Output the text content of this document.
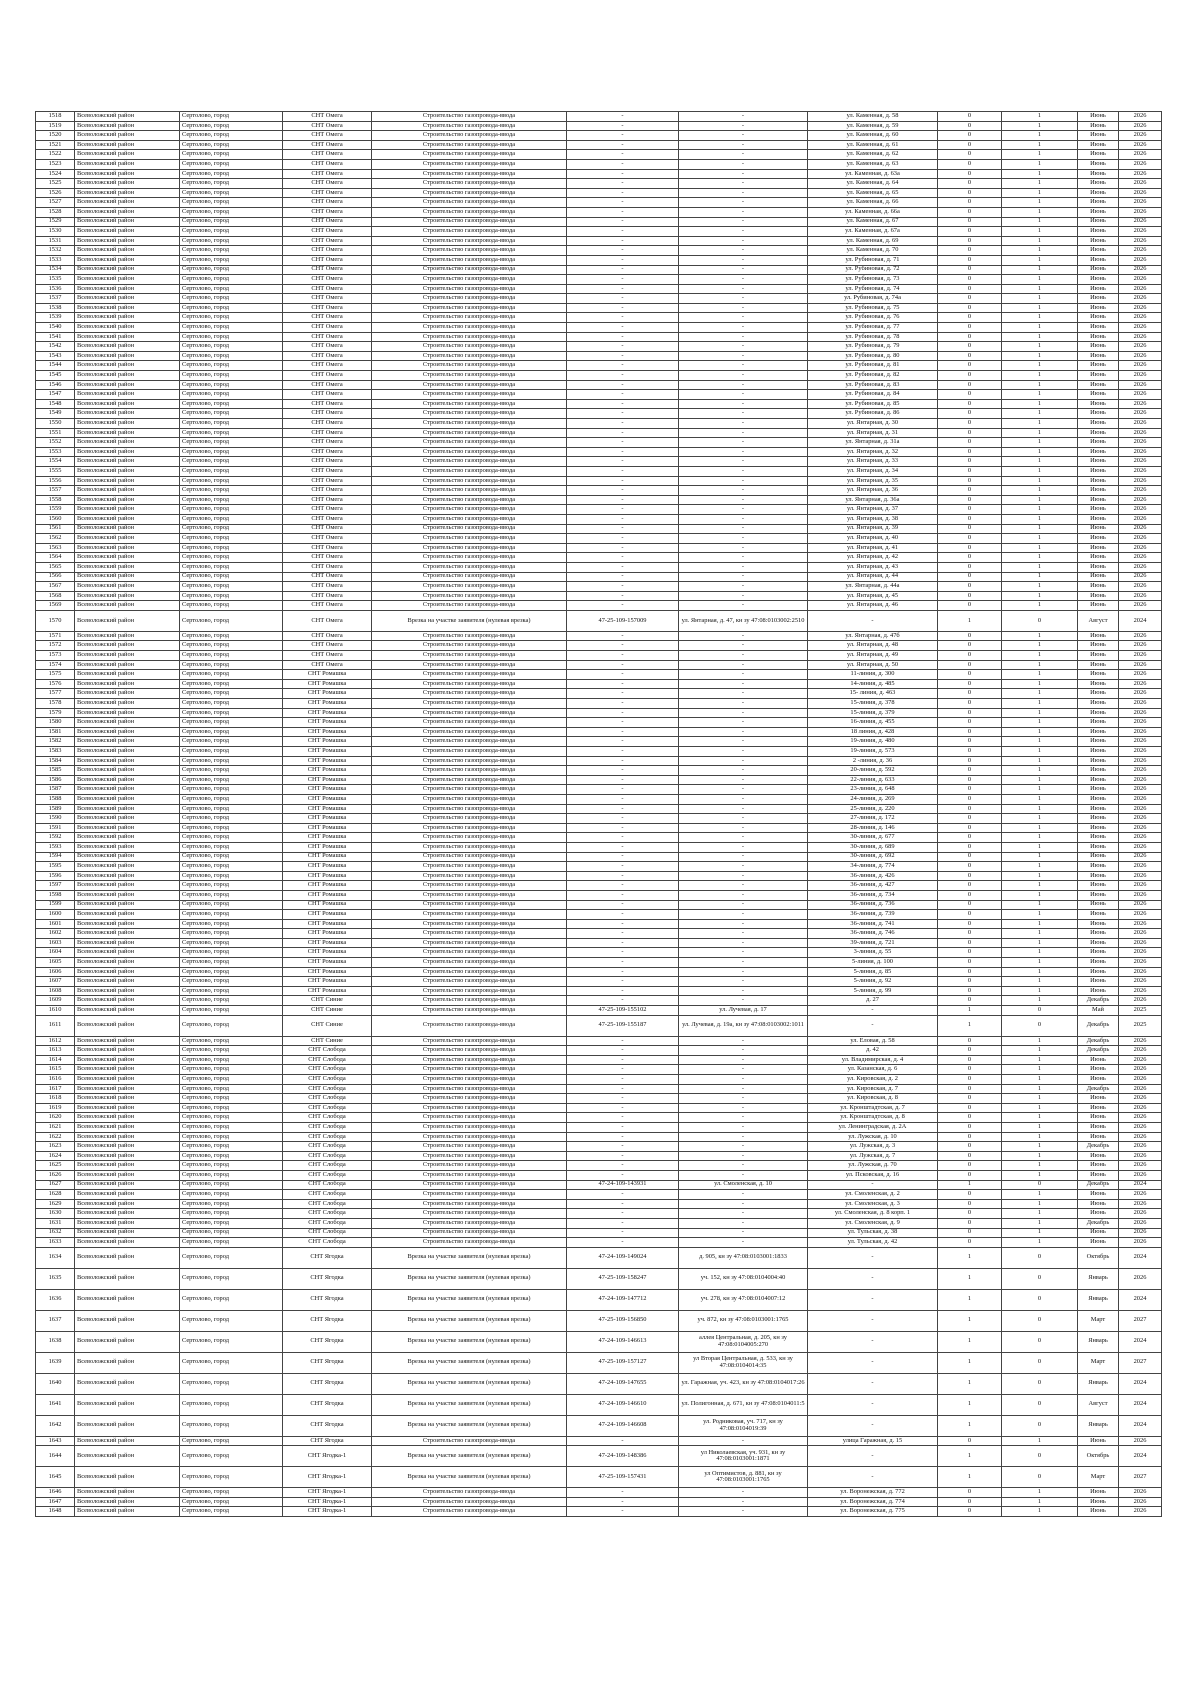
1518	Всеволожский район	Сертолово, город	СНТ Омега	Строительство газопровода-ввода	-	-	ул. Каменная, д. 58	0	1	Июнь	2026
1519	Всеволожский район	Сертолово, город	СНТ Омега	Строительство газопровода-ввода	-	-	ул. Каменная, д. 59	0	1	Июнь	2026
1520	Всеволожский район	Сертолово, город	СНТ Омега	Строительство газопровода-ввода	-	-	ул. Каменная, д. 60	0	1	Июнь	2026
1521	Всеволожский район	Сертолово, город	СНТ Омега	Строительство газопровода-ввода	-	-	ул. Каменная, д. 61	0	1	Июнь	2026
1522	Всеволожский район	Сертолово, город	СНТ Омега	Строительство газопровода-ввода	-	-	ул. Каменная, д. 62	0	1	Июнь	2026
1523	Всеволожский район	Сертолово, город	СНТ Омега	Строительство газопровода-ввода	-	-	ул. Каменная, д. 63	0	1	Июнь	2026
1524	Всеволожский район	Сертолово, город	СНТ Омега	Строительство газопровода-ввода	-	-	ул. Каменная, д. 63а	0	1	Июнь	2026
1525	Всеволожский район	Сертолово, город	СНТ Омега	Строительство газопровода-ввода	-	-	ул. Каменная, д. 64	0	1	Июнь	2026
1526	Всеволожский район	Сертолово, город	СНТ Омега	Строительство газопровода-ввода	-	-	ул. Каменная, д. 65	0	1	Июнь	2026
1527	Всеволожский район	Сертолово, город	СНТ Омега	Строительство газопровода-ввода	-	-	ул. Каменная, д. 66	0	1	Июнь	2026
1528	Всеволожский район	Сертолово, город	СНТ Омега	Строительство газопровода-ввода	-	-	ул. Каменная, д. 66а	0	1	Июнь	2026
1529	Всеволожский район	Сертолово, город	СНТ Омега	Строительство газопровода-ввода	-	-	ул. Каменная, д. 67	0	1	Июнь	2026
1530	Всеволожский район	Сертолово, город	СНТ Омега	Строительство газопровода-ввода	-	-	ул. Каменная, д. 67а	0	1	Июнь	2026
1531	Всеволожский район	Сертолово, город	СНТ Омега	Строительство газопровода-ввода	-	-	ул. Каменная, д. 69	0	1	Июнь	2026
1532	Всеволожский район	Сертолово, город	СНТ Омега	Строительство газопровода-ввода	-	-	ул. Каменная, д. 70	0	1	Июнь	2026
1533	Всеволожский район	Сертолово, город	СНТ Омега	Строительство газопровода-ввода	-	-	ул. Рубиновая, д. 71	0	1	Июнь	2026
1534	Всеволожский район	Сертолово, город	СНТ Омега	Строительство газопровода-ввода	-	-	ул. Рубиновая, д. 72	0	1	Июнь	2026
1535	Всеволожский район	Сертолово, город	СНТ Омега	Строительство газопровода-ввода	-	-	ул. Рубиновая, д. 73	0	1	Июнь	2026
1536	Всеволожский район	Сертолово, город	СНТ Омега	Строительство газопровода-ввода	-	-	ул. Рубиновая, д. 74	0	1	Июнь	2026
1537	Всеволожский район	Сертолово, город	СНТ Омега	Строительство газопровода-ввода	-	-	ул. Рубиновая, д. 74а	0	1	Июнь	2026
1538	Всеволожский район	Сертолово, город	СНТ Омега	Строительство газопровода-ввода	-	-	ул. Рубиновая, д. 75	0	1	Июнь	2026
1539	Всеволожский район	Сертолово, город	СНТ Омега	Строительство газопровода-ввода	-	-	ул. Рубиновая, д. 76	0	1	Июнь	2026
1540	Всеволожский район	Сертолово, город	СНТ Омега	Строительство газопровода-ввода	-	-	ул. Рубиновая, д. 77	0	1	Июнь	2026
1541	Всеволожский район	Сертолово, город	СНТ Омега	Строительство газопровода-ввода	-	-	ул. Рубиновая, д. 78	0	1	Июнь	2026
1542	Всеволожский район	Сертолово, город	СНТ Омега	Строительство газопровода-ввода	-	-	ул. Рубиновая, д. 79	0	1	Июнь	2026
1543	Всеволожский район	Сертолово, город	СНТ Омега	Строительство газопровода-ввода	-	-	ул. Рубиновая, д. 80	0	1	Июнь	2026
1544	Всеволожский район	Сертолово, город	СНТ Омега	Строительство газопровода-ввода	-	-	ул. Рубиновая, д. 81	0	1	Июнь	2026
1545	Всеволожский район	Сертолово, город	СНТ Омега	Строительство газопровода-ввода	-	-	ул. Рубиновая, д. 82	0	1	Июнь	2026
1546	Всеволожский район	Сертолово, город	СНТ Омега	Строительство газопровода-ввода	-	-	ул. Рубиновая, д. 83	0	1	Июнь	2026
1547	Всеволожский район	Сертолово, город	СНТ Омега	Строительство газопровода-ввода	-	-	ул. Рубиновая, д. 84	0	1	Июнь	2026
1548	Всеволожский район	Сертолово, город	СНТ Омега	Строительство газопровода-ввода	-	-	ул. Рубиновая, д. 85	0	1	Июнь	2026
1549	Всеволожский район	Сертолово, город	СНТ Омега	Строительство газопровода-ввода	-	-	ул. Рубиновая, д. 86	0	1	Июнь	2026
1550	Всеволожский район	Сертолово, город	СНТ Омега	Строительство газопровода-ввода	-	-	ул. Янтарная, д. 30	0	1	Июнь	2026
1551	Всеволожский район	Сертолово, город	СНТ Омега	Строительство газопровода-ввода	-	-	ул. Янтарная, д. 31	0	1	Июнь	2026
1552	Всеволожский район	Сертолово, город	СНТ Омега	Строительство газопровода-ввода	-	-	ул. Янтарная, д. 31а	0	1	Июнь	2026
1553	Всеволожский район	Сертолово, город	СНТ Омега	Строительство газопровода-ввода	-	-	ул. Янтарная, д. 32	0	1	Июнь	2026
1554	Всеволожский район	Сертолово, город	СНТ Омега	Строительство газопровода-ввода	-	-	ул. Янтарная, д. 33	0	1	Июнь	2026
1555	Всеволожский район	Сертолово, город	СНТ Омега	Строительство газопровода-ввода	-	-	ул. Янтарная, д. 34	0	1	Июнь	2026
1556	Всеволожский район	Сертолово, город	СНТ Омега	Строительство газопровода-ввода	-	-	ул. Янтарная, д. 35	0	1	Июнь	2026
1557	Всеволожский район	Сертолово, город	СНТ Омега	Строительство газопровода-ввода	-	-	ул. Янтарная, д. 36	0	1	Июнь	2026
1558	Всеволожский район	Сертолово, город	СНТ Омега	Строительство газопровода-ввода	-	-	ул. Янтарная, д. 36а	0	1	Июнь	2026
1559	Всеволожский район	Сертолово, город	СНТ Омега	Строительство газопровода-ввода	-	-	ул. Янтарная, д. 37	0	1	Июнь	2026
1560	Всеволожский район	Сертолово, город	СНТ Омега	Строительство газопровода-ввода	-	-	ул. Янтарная, д. 38	0	1	Июнь	2026
1561	Всеволожский район	Сертолово, город	СНТ Омега	Строительство газопровода-ввода	-	-	ул. Янтарная, д. 39	0	1	Июнь	2026
1562	Всеволожский район	Сертолово, город	СНТ Омега	Строительство газопровода-ввода	-	-	ул. Янтарная, д. 40	0	1	Июнь	2026
1563	Всеволожский район	Сертолово, город	СНТ Омега	Строительство газопровода-ввода	-	-	ул. Янтарная, д. 41	0	1	Июнь	2026
1564	Всеволожский район	Сертолово, город	СНТ Омега	Строительство газопровода-ввода	-	-	ул. Янтарная, д. 42	0	1	Июнь	2026
1565	Всеволожский район	Сертолово, город	СНТ Омега	Строительство газопровода-ввода	-	-	ул. Янтарная, д. 43	0	1	Июнь	2026
1566	Всеволожский район	Сертолово, город	СНТ Омега	Строительство газопровода-ввода	-	-	ул. Янтарная, д. 44	0	1	Июнь	2026
1567	Всеволожский район	Сертолово, город	СНТ Омега	Строительство газопровода-ввода	-	-	ул. Янтарная, д. 44а	0	1	Июнь	2026
1568	Всеволожский район	Сертолово, город	СНТ Омега	Строительство газопровода-ввода	-	-	ул. Янтарная, д. 45	0	1	Июнь	2026
1569	Всеволожский район	Сертолово, город	СНТ Омега	Строительство газопровода-ввода	-	-	ул. Янтарная, д. 46	0	1	Июнь	2026
1570	Всеволожский район	Сертолово, город	СНТ Омега	Врезка на участке заявителя (нулевая врезка)	47-25-109-157009	ул. Янтарная, д. 47, кн зу 47:08:0103002:2510	-	1	0	Август	2024
1571	Всеволожский район	Сертолово, город	СНТ Омега	Строительство газопровода-ввода	-	-	ул. Янтарная, д. 47б	0	1	Июнь	2026
1572	Всеволожский район	Сертолово, город	СНТ Омега	Строительство газопровода-ввода	-	-	ул. Янтарная, д. 48	0	1	Июнь	2026
1573	Всеволожский район	Сертолово, город	СНТ Омега	Строительство газопровода-ввода	-	-	ул. Янтарная, д. 49	0	1	Июнь	2026
1574	Всеволожский район	Сертолово, город	СНТ Омега	Строительство газопровода-ввода	-	-	ул. Янтарная, д. 50	0	1	Июнь	2026
1575	Всеволожский район	Сертолово, город	СНТ Ромашка	Строительство газопровода-ввода	-	-	11-линия, д. 300	0	1	Июнь	2026
1576	Всеволожский район	Сертолово, город	СНТ Ромашка	Строительство газопровода-ввода	-	-	14-линия, д. 485	0	1	Июнь	2026
1577	Всеволожский район	Сертолово, город	СНТ Ромашка	Строительство газопровода-ввода	-	-	15- линия, д. 463	0	1	Июнь	2026
1578	Всеволожский район	Сертолово, город	СНТ Ромашка	Строительство газопровода-ввода	-	-	15-линия, д. 378	0	1	Июнь	2026
1579	Всеволожский район	Сертолово, город	СНТ Ромашка	Строительство газопровода-ввода	-	-	15-линия, д. 379	0	1	Июнь	2026
1580	Всеволожский район	Сертолово, город	СНТ Ромашка	Строительство газопровода-ввода	-	-	16-линия, д. 455	0	1	Июнь	2026
1581	Всеволожский район	Сертолово, город	СНТ Ромашка	Строительство газопровода-ввода	-	-	18 линия, д. 428	0	1	Июнь	2026
1582	Всеволожский район	Сертолово, город	СНТ Ромашка	Строительство газопровода-ввода	-	-	19-линия, д. 480	0	1	Июнь	2026
1583	Всеволожский район	Сертолово, город	СНТ Ромашка	Строительство газопровода-ввода	-	-	19-линия, д. 573	0	1	Июнь	2026
1584	Всеволожский район	Сертолово, город	СНТ Ромашка	Строительство газопровода-ввода	-	-	2 -линия, д. 36	0	1	Июнь	2026
1585	Всеволожский район	Сертолово, город	СНТ Ромашка	Строительство газопровода-ввода	-	-	20-линия, д. 592	0	1	Июнь	2026
1586	Всеволожский район	Сертолово, город	СНТ Ромашка	Строительство газопровода-ввода	-	-	22-линия, д. 633	0	1	Июнь	2026
1587	Всеволожский район	Сертолово, город	СНТ Ромашка	Строительство газопровода-ввода	-	-	23-линия, д. 648	0	1	Июнь	2026
1588	Всеволожский район	Сертолово, город	СНТ Ромашка	Строительство газопровода-ввода	-	-	24-линия, д. 269	0	1	Июнь	2026
1589	Всеволожский район	Сертолово, город	СНТ Ромашка	Строительство газопровода-ввода	-	-	25-линия, д. 220	0	1	Июнь	2026
1590	Всеволожский район	Сертолово, город	СНТ Ромашка	Строительство газопровода-ввода	-	-	27-линия, д. 172	0	1	Июнь	2026
1591	Всеволожский район	Сертолово, город	СНТ Ромашка	Строительство газопровода-ввода	-	-	28-линия, д. 146	0	1	Июнь	2026
1592	Всеволожский район	Сертолово, город	СНТ Ромашка	Строительство газопровода-ввода	-	-	30-линия, д. 677	0	1	Июнь	2026
1593	Всеволожский район	Сертолово, город	СНТ Ромашка	Строительство газопровода-ввода	-	-	30-линия, д. 689	0	1	Июнь	2026
1594	Всеволожский район	Сертолово, город	СНТ Ромашка	Строительство газопровода-ввода	-	-	30-линия, д. 692	0	1	Июнь	2026
1595	Всеволожский район	Сертолово, город	СНТ Ромашка	Строительство газопровода-ввода	-	-	34-линия, д. 774	0	1	Июнь	2026
1596	Всеволожский район	Сертолово, город	СНТ Ромашка	Строительство газопровода-ввода	-	-	36-линия, д. 426	0	1	Июнь	2026
1597	Всеволожский район	Сертолово, город	СНТ Ромашка	Строительство газопровода-ввода	-	-	36-линия, д. 427	0	1	Июнь	2026
1598	Всеволожский район	Сертолово, город	СНТ Ромашка	Строительство газопровода-ввода	-	-	36-линия, д. 734	0	1	Июнь	2026
1599	Всеволожский район	Сертолово, город	СНТ Ромашка	Строительство газопровода-ввода	-	-	36-линия, д. 736	0	1	Июнь	2026
1600	Всеволожский район	Сертолово, город	СНТ Ромашка	Строительство газопровода-ввода	-	-	36-линия, д. 739	0	1	Июнь	2026
1601	Всеволожский район	Сертолово, город	СНТ Ромашка	Строительство газопровода-ввода	-	-	36-линия, д. 741	0	1	Июнь	2026
1602	Всеволожский район	Сертолово, город	СНТ Ромашка	Строительство газопровода-ввода	-	-	36-линия, д. 746	0	1	Июнь	2026
1603	Всеволожский район	Сертолово, город	СНТ Ромашка	Строительство газопровода-ввода	-	-	39-линия, д. 721	0	1	Июнь	2026
1604	Всеволожский район	Сертолово, город	СНТ Ромашка	Строительство газопровода-ввода	-	-	3-линия, д. 55	0	1	Июнь	2026
1605	Всеволожский район	Сертолово, город	СНТ Ромашка	Строительство газопровода-ввода	-	-	5-линия, д. 100	0	1	Июнь	2026
1606	Всеволожский район	Сертолово, город	СНТ Ромашка	Строительство газопровода-ввода	-	-	5-линия, д. 85	0	1	Июнь	2026
1607	Всеволожский район	Сертолово, город	СНТ Ромашка	Строительство газопровода-ввода	-	-	5-линия, д. 92	0	1	Июнь	2026
1608	Всеволожский район	Сертолово, город	СНТ Ромашка	Строительство газопровода-ввода	-	-	5-линия, д. 99	0	1	Июнь	2026
1609	Всеволожский район	Сертолово, город	СНТ Синие	Строительство газопровода-ввода	-	-	д. 27	0	1	Декабрь	2026
1610	Всеволожский район	Сертолово, город	СНТ Синие	Строительство газопровода-ввода	47-25-109-155102	ул. Лучевая, д. 17	-	1	0	Май	2025
1611	Всеволожский район	Сертолово, город	СНТ Синие	Строительство газопровода-ввода	47-25-109-155187	ул. Лучевая, д. 19а, кн зу 47:08:0103002:1011	-	1	0	Декабрь	2025
1612	Всеволожский район	Сертолово, город	СНТ Синие	Строительство газопровода-ввода	-	-	ул. Еловая, д. 58	0	1	Декабрь	2026
1613	Всеволожский район	Сертолово, город	СНТ Слобода	Строительство газопровода-ввода	-	-	д. 42	0	1	Декабрь	2026
1614	Всеволожский район	Сертолово, город	СНТ Слобода	Строительство газопровода-ввода	-	-	ул. Владимирская, д. 4	0	1	Июнь	2026
1615	Всеволожский район	Сертолово, город	СНТ Слобода	Строительство газопровода-ввода	-	-	ул. Казанская, д. 6	0	1	Июнь	2026
1616	Всеволожский район	Сертолово, город	СНТ Слобода	Строительство газопровода-ввода	-	-	ул. Кировская, д. 2	0	1	Июнь	2026
1617	Всеволожский район	Сертолово, город	СНТ Слобода	Строительство газопровода-ввода	-	-	ул. Кировская, д. 7	0	1	Декабрь	2026
1618	Всеволожский район	Сертолово, город	СНТ Слобода	Строительство газопровода-ввода	-	-	ул. Кировская, д. 8	0	1	Июнь	2026
1619	Всеволожский район	Сертолово, город	СНТ Слобода	Строительство газопровода-ввода	-	-	ул. Кронштадтская, д. 7	0	1	Июнь	2026
1620	Всеволожский район	Сертолово, город	СНТ Слобода	Строительство газопровода-ввода	-	-	ул. Кронштадтская, д. 8	0	1	Июнь	2026
1621	Всеволожский район	Сертолово, город	СНТ Слобода	Строительство газопровода-ввода	-	-	ул. Ленинградская, д. 2А	0	1	Июнь	2026
1622	Всеволожский район	Сертолово, город	СНТ Слобода	Строительство газопровода-ввода	-	-	ул. Лужская, д. 10	0	1	Июнь	2026
1623	Всеволожский район	Сертолово, город	СНТ Слобода	Строительство газопровода-ввода	-	-	ул. Лужская, д. 3	0	1	Декабрь	2026
1624	Всеволожский район	Сертолово, город	СНТ Слобода	Строительство газопровода-ввода	-	-	ул. Лужская, д. 7	0	1	Июнь	2026
1625	Всеволожский район	Сертолово, город	СНТ Слобода	Строительство газопровода-ввода	-	-	ул. Лужская, д. 70	0	1	Июнь	2026
1626	Всеволожский район	Сертолово, город	СНТ Слобода	Строительство газопровода-ввода	-	-	ул. Псковская, д. 16	0	1	Июнь	2026
1627	Всеволожский район	Сертолово, город	СНТ Слобода	Строительство газопровода-ввода	47-24-109-143931	ул. Смоленская, д. 10	-	1	0	Декабрь	2024
1628	Всеволожский район	Сертолово, город	СНТ Слобода	Строительство газопровода-ввода	-	-	ул. Смоленская, д. 2	0	1	Июнь	2026
1629	Всеволожский район	Сертолово, город	СНТ Слобода	Строительство газопровода-ввода	-	-	ул. Смоленская, д. 3	0	1	Июнь	2026
1630	Всеволожский район	Сертолово, город	СНТ Слобода	Строительство газопровода-ввода	-	-	ул. Смоленская, д. 8 корп. 1	0	1	Июнь	2026
1631	Всеволожский район	Сертолово, город	СНТ Слобода	Строительство газопровода-ввода	-	-	ул. Смоленская, д. 9	0	1	Декабрь	2026
1632	Всеволожский район	Сертолово, город	СНТ Слобода	Строительство газопровода-ввода	-	-	ул. Тульская, д. 38	0	1	Июнь	2026
1633	Всеволожский район	Сертолово, город	СНТ Слобода	Строительство газопровода-ввода	-	-	ул. Тульская, д. 42	0	1	Июнь	2026
1634	Всеволожский район	Сертолово, город	СНТ Ягодка	Врезка на участке заявителя (нулевая врезка)	47-24-109-149024	д. 905, кн зу 47:08:0103001:1833	-	1	0	Октябрь	2024
1635	Всеволожский район	Сертолово, город	СНТ Ягодка	Врезка на участке заявителя (нулевая врезка)	47-25-109-158247	уч. 152, кн зу 47:08:0104004:40	-	1	0	Январь	2026
1636	Всеволожский район	Сертолово, город	СНТ Ягодка	Врезка на участке заявителя (нулевая врезка)	47-24-109-147712	уч. 278, кн зу 47:08:0104007:12	-	1	0	Январь	2024
1637	Всеволожский район	Сертолово, город	СНТ Ягодка	Врезка на участке заявителя (нулевая врезка)	47-25-109-156850	уч. 872, кн зу 47:08:0103001:1765	-	1	0	Март	2027
1638	Всеволожский район	Сертолово, город	СНТ Ягодка	Врезка на участке заявителя (нулевая врезка)	47-24-109-146613	аллея Центральная, д. 205, кн зу 47:08:0104005:270	-	1	0	Январь	2024
1639	Всеволожский район	Сертолово, город	СНТ Ягодка	Врезка на участке заявителя (нулевая врезка)	47-25-109-157127	ул Вторая Центральная, д. 533, кн зу 47:08:0104014:35	-	1	0	Март	2027
1640	Всеволожский район	Сертолово, город	СНТ Ягодка	Врезка на участке заявителя (нулевая врезка)	47-24-109-147655	ул. Гаражная, уч. 423, кн зу 47:08:0104017:26	-	1	0	Январь	2024
1641	Всеволожский район	Сертолово, город	СНТ Ягодка	Врезка на участке заявителя (нулевая врезка)	47-24-109-146610	ул. Полигонная, д. 671, кн зу 47:08:0104011:5	-	1	0	Август	2024
1642	Всеволожский район	Сертолово, город	СНТ Ягодка	Врезка на участке заявителя (нулевая врезка)	47-24-109-146608	ул. Родниковая, уч. 717, кн зу 47:08:0104019:39	-	1	0	Январь	2024
1643	Всеволожский район	Сертолово, город	СНТ Ягодка	Строительство газопровода-ввода	-	-	улица Гаражная, д. 15	0	1	Июнь	2026
1644	Всеволожский район	Сертолово, город	СНТ Ягодка-1	Врезка на участке заявителя (нулевая врезка)	47-24-109-148386	ул Николаевская, уч. 931, кн зу 47:08:0103001:1871	-	1	0	Октябрь	2024
1645	Всеволожский район	Сертолово, город	СНТ Ягодка-1	Врезка на участке заявителя (нулевая врезка)	47-25-109-157431	ул Оптимистов, д. 881, кн зу 47:08:0103001:1765	-	1	0	Март	2027
1646	Всеволожский район	Сертолово, город	СНТ Ягодка-1	Строительство газопровода-ввода	-	-	ул. Воронежская, д. 772	0	1	Июнь	2026
1647	Всеволожский район	Сертолово, город	СНТ Ягодка-1	Строительство газопровода-ввода	-	-	ул. Воронежская, д. 774	0	1	Июнь	2026
1648	Всеволожский район	Сертолово, город	СНТ Ягодка-1	Строительство газопровода-ввода	-	-	ул. Воронежская, д. 775	0	1	Июнь	2026
